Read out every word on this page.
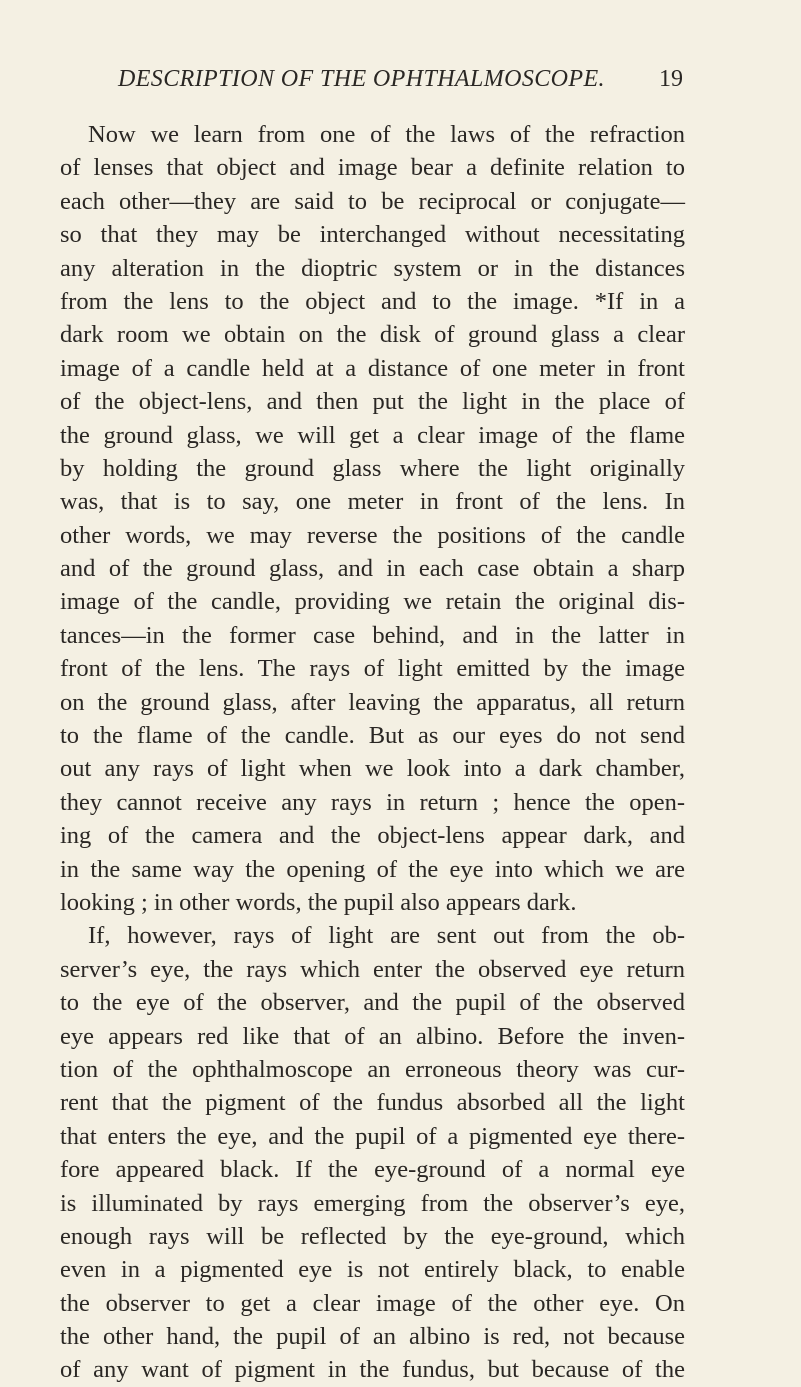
DESCRIPTION OF THE OPHTHALMOSCOPE. 19
Now we learn from one of the laws of the refraction
of lenses that object and image bear a definite relation to
each other—they are said to be reciprocal or conjugate—
so that they may be interchanged without necessitating
any alteration in the dioptric system or in the distances
from the lens to the object and to the image. *If in a
dark room we obtain on the disk of ground glass a clear
image of a candle held at a distance of one meter in front
of the object-lens, and then put the light in the place of
the ground glass, we will get a clear image of the flame
by holding the ground glass where the light originally
was, that is to say, one meter in front of the lens. In
other words, we may reverse the positions of the candle
and of the ground glass, and in each case obtain a sharp
image of the candle, providing we retain the original dis-
tances—in the former case behind, and in the latter in
front of the lens. The rays of light emitted by the image
on the ground glass, after leaving the apparatus, all return
to the flame of the candle. But as our eyes do not send
out any rays of light when we look into a dark chamber,
they cannot receive any rays in return ; hence the open-
ing of the camera and the object-lens appear dark, and
in the same way the opening of the eye into which we are
looking ; in other words, the pupil also appears dark.
If, however, rays of light are sent out from the ob-
server’s eye, the rays which enter the observed eye return
to the eye of the observer, and the pupil of the observed
eye appears red like that of an albino. Before the inven-
tion of the ophthalmoscope an erroneous theory was cur-
rent that the pigment of the fundus absorbed all the light
that enters the eye, and the pupil of a pigmented eye there-
fore appeared black. If the eye-ground of a normal eye
is illuminated by rays emerging from the observer’s eye,
enough rays will be reflected by the eye-ground, which
even in a pigmented eye is not entirely black, to enable
the observer to get a clear image of the other eye. On
the other hand, the pupil of an albino is red, not because
of any want of pigment in the fundus, but because of the
